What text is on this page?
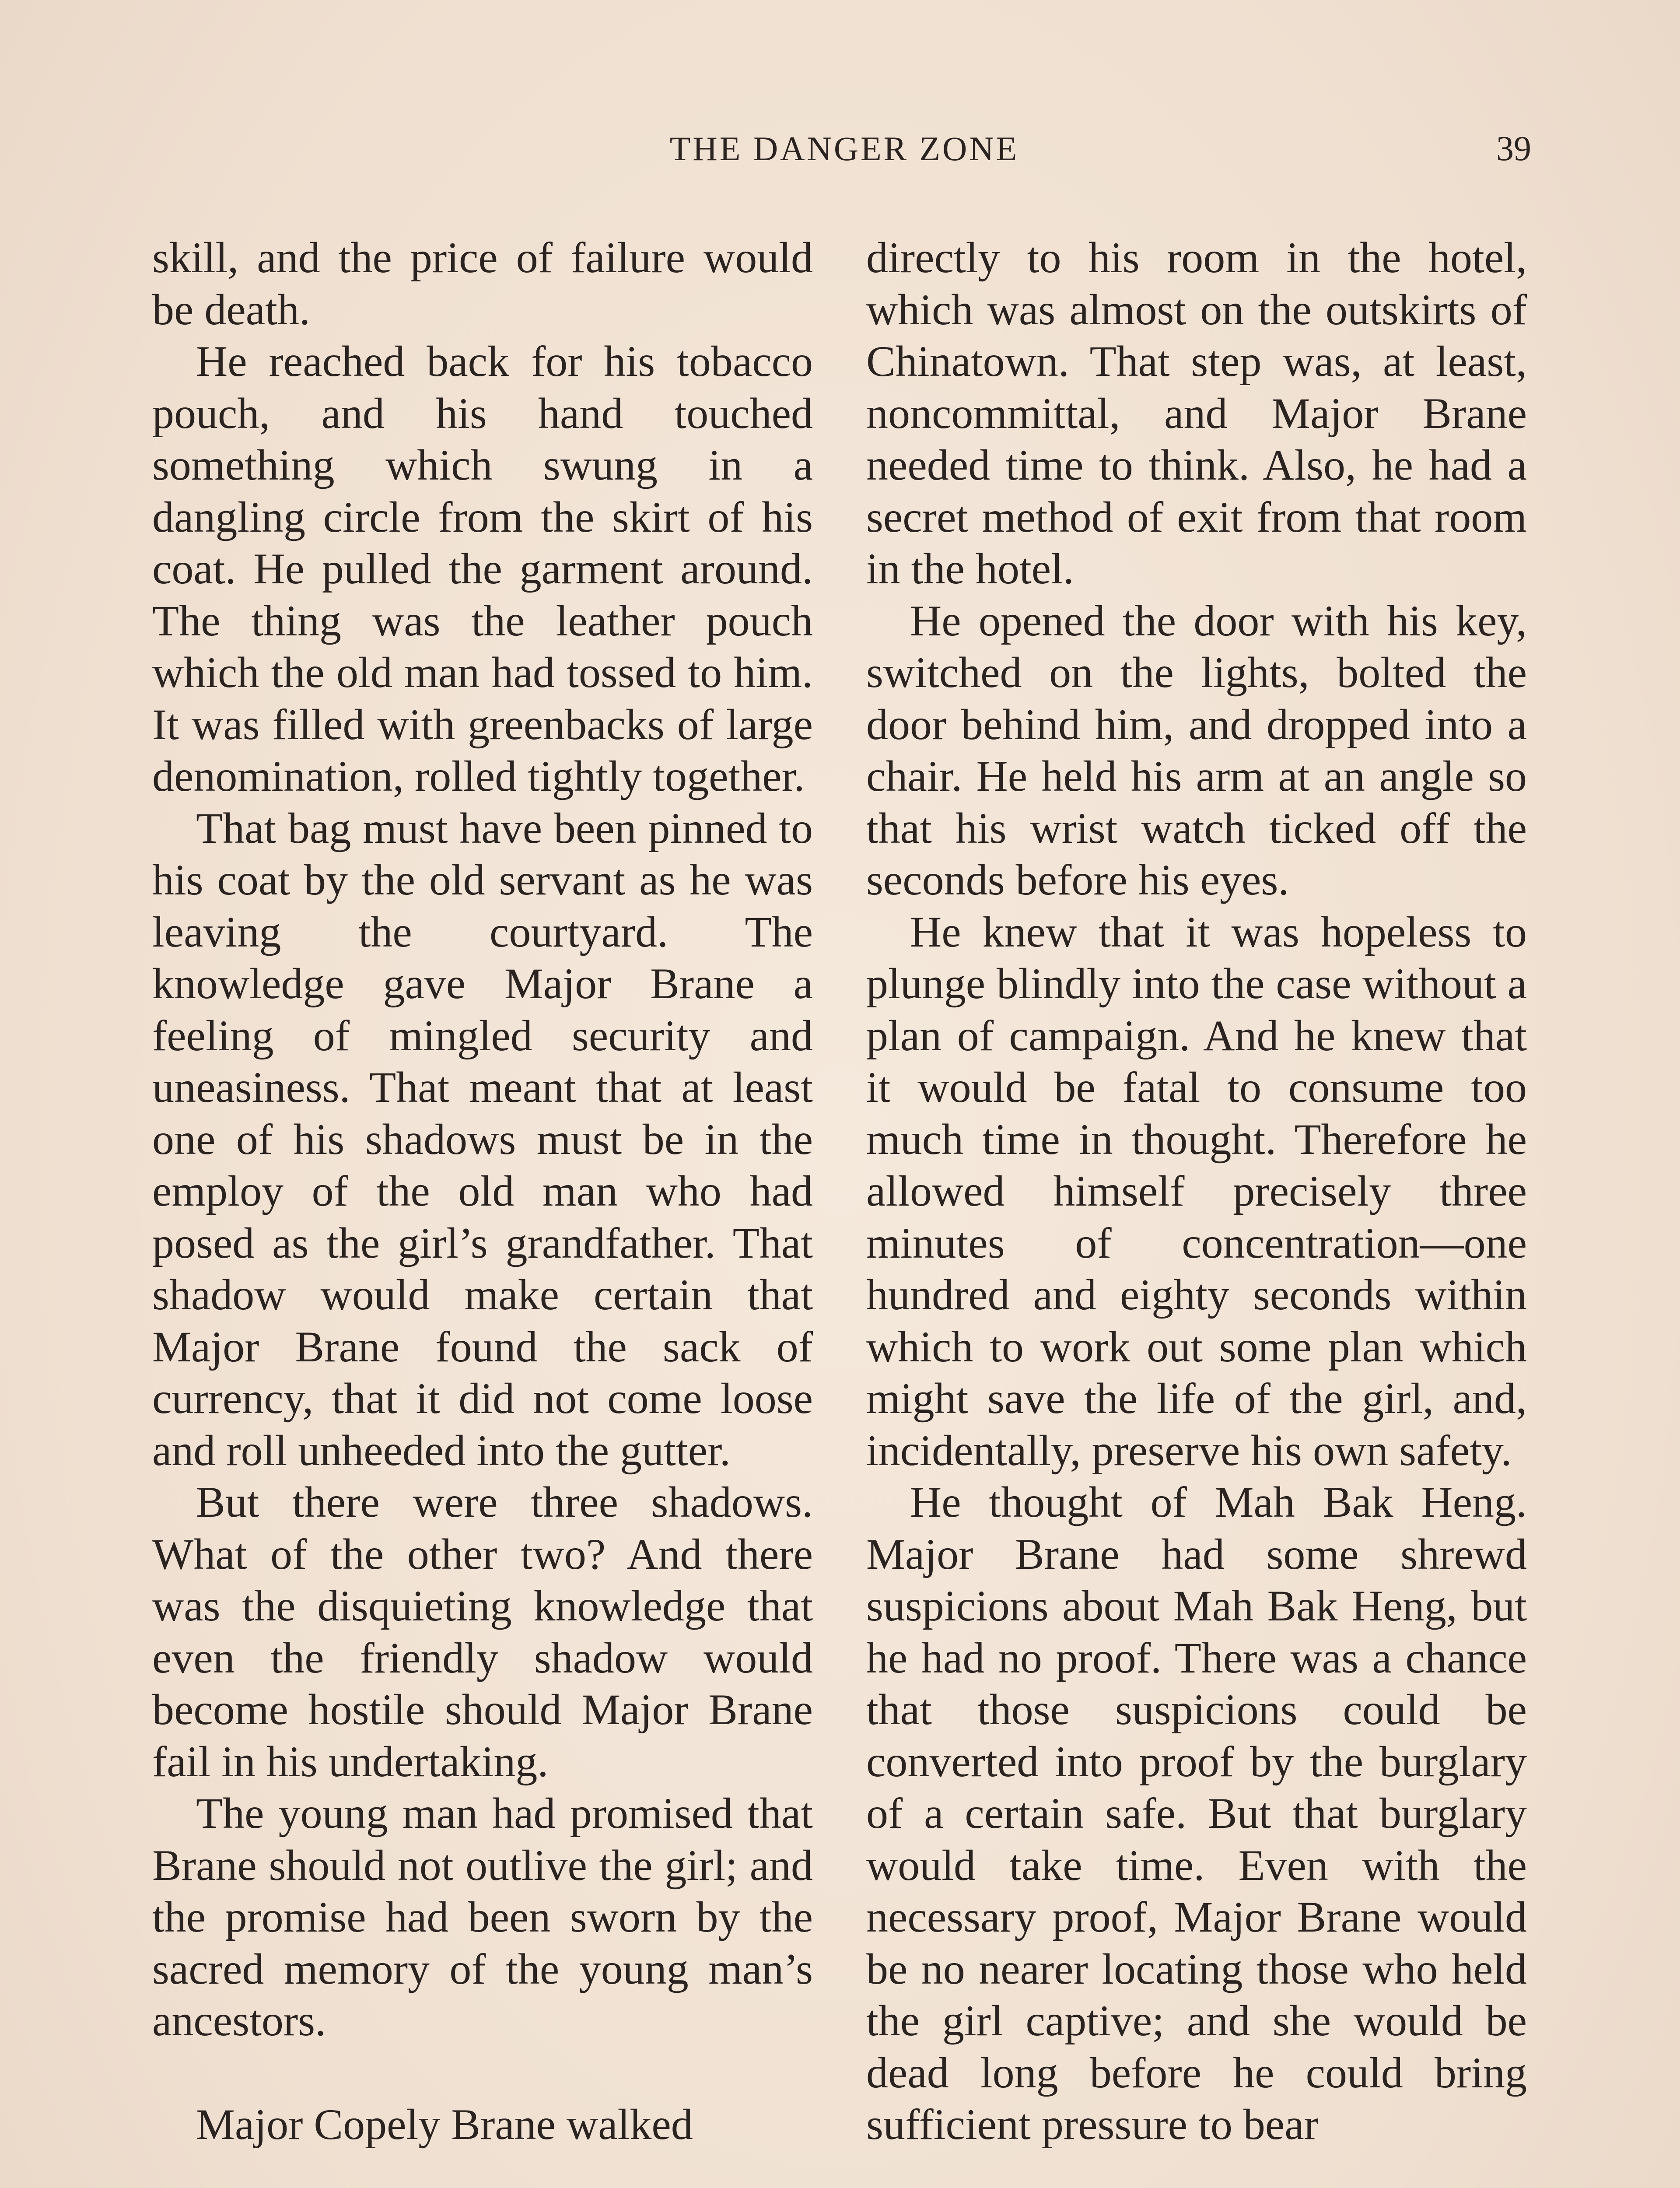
THE DANGER ZONE	39

skill, and the price of failure would be death.

He reached back for his tobacco pouch, and his hand touched something which swung in a dangling circle from the skirt of his coat. He pulled the garment around. The thing was the leather pouch which the old man had tossed to him. It was filled with greenbacks of large denomination, rolled tightly together.

That bag must have been pinned to his coat by the old servant as he was leaving the courtyard. The knowledge gave Major Brane a feeling of mingled security and uneasiness. That meant that at least one of his shadows must be in the employ of the old man who had posed as the girl’s grandfather. That shadow would make certain that Major Brane found the sack of currency, that it did not come loose and roll unheeded into the gutter.

But there were three shadows. What of the other two? And there was the disquieting knowledge that even the friendly shadow would become hostile should Major Brane fail in his undertaking.

The young man had promised that Brane should not outlive the girl; and the promise had been sworn by the sacred memory of the young man’s ancestors.

Major Copely Brane walked

directly to his room in the hotel, which was almost on the outskirts of Chinatown. That step was, at least, noncommittal, and Major Brane needed time to think. Also, he had a secret method of exit from that room in the hotel.

He opened the door with his key, switched on the lights, bolted the door behind him, and dropped into a chair. He held his arm at an angle so that his wrist watch ticked off the seconds before his eyes.

He knew that it was hopeless to plunge blindly into the case without a plan of campaign. And he knew that it would be fatal to consume too much time in thought. Therefore he allowed himself precisely three minutes of concentration—one hundred and eighty seconds within which to work out some plan which might save the life of the girl, and, incidentally, preserve his own safety.

He thought of Mah Bak Heng. Major Brane had some shrewd suspicions about Mah Bak Heng, but he had no proof. There was a chance that those suspicions could be converted into proof by the burglary of a certain safe. But that burglary would take time. Even with the necessary proof, Major Brane would be no nearer locating those who held the girl captive; and she would be dead long before he could bring sufficient pressure to bear
